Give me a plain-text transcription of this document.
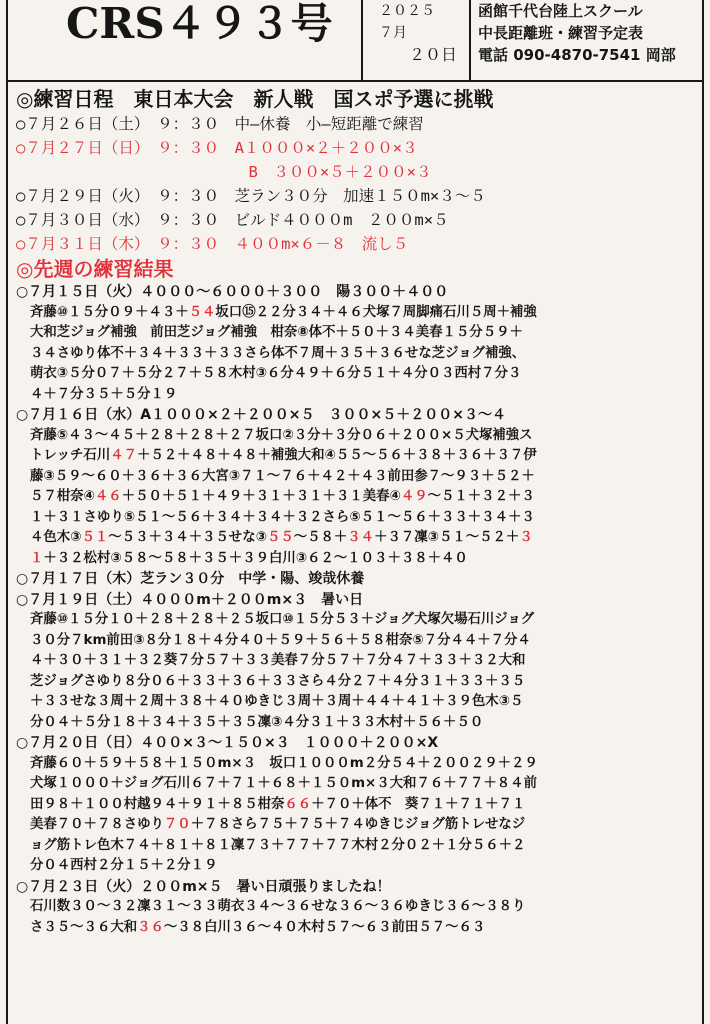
CRS４９３号	２０２５
７月
２０日
函館千代台陸上スクール
中長距離班・練習予定表
電話 090-4870-7541 岡部
◎練習日程　東日本大会　新人戦　国スポ予選に挑戦
○７月２６日（土）　９：３０　中—休養　小—短距離で練習
○７月２７日（日）　９：３０　A１０００×２＋２００×３
　　　　　　　　　　　　　　　B　３００×５＋２００×３
○７月２９日（火）　９：３０　芝ラン３０分　加速１５０m×３～５
○７月３０日（水）　９：３０　ビルド４０００m　２００m×５
○７月３１日（木）　９：３０　４００m×６－８　流し５
◎先週の練習結果
○７月１５日（火）４０００～６０００＋３００　陽３００＋４００
斉藤⑩１５分０９＋４３＋５４坂口⑮２２分３４＋４６犬塚７周脚痛石川５周＋補強
大和芝ジョグ補強　前田芝ジョグ補強　柑奈⑧体不＋５０＋３４美春１５分５９＋
３４さゆり体不＋３４＋３３＋３３さら体不７周＋３５＋３６せな芝ジョグ補強、
萌衣③５分０７＋５分２７＋５８木村③６分４９＋６分５１＋４分０３西村７分３
４＋７分３５＋５分１９
○７月１６日（水）A１０００×２＋２００×５　３００×５＋２００×３～４
斉藤⑤４３～４５＋２８＋２８＋２７坂口②３分＋３分０６＋２００×５犬塚補強ス
トレッチ石川４７＋５２＋４８＋４８＋補強大和④５５～５６＋３８＋３６＋３７伊
藤③５９～６０＋３６＋３６大宮③７１～７６＋４２＋４３前田参７～９３＋５２＋
５７柑奈④４６＋５０＋５１＋４９＋３１＋３１＋３１美春④４９～５１＋３２＋３
１＋３１さゆり⑤５１～５６＋３４＋３４＋３２さら⑤５１～５６＋３３＋３４＋３
４色木③５１～５３＋３４＋３５せな③５５～５８＋３４＋３７凜③５１～５２＋３
１＋３２松村③５８～５８＋３５＋３９白川③６２～１０３＋３８＋４０
○７月１７日（木）芝ラン３０分　中学・陽、竣哉休養
○７月１９日（土）４０００m＋２００m×３　暑い日
斉藤⑩１５分１０＋２８＋２８＋２５坂口⑩１５分５３＋ジョグ犬塚欠場石川ジョグ
３０分７km前田③８分１８＋４分４０＋５９＋５６＋５８柑奈⑤７分４４＋７分４
４＋３０＋３１＋３２葵７分５７＋３３美春７分５７＋７分４７＋３３＋３２大和
芝ジョグさゆり８分０６＋３３＋３６＋３３さら４分２７＋４分３１＋３３＋３５
＋３３せな３周＋２周＋３８＋４０ゆきじ３周＋３周＋４４＋４１＋３９色木③５
分０４＋５分１８＋３４＋３５＋３５凜③４分３１＋３３木村＋５６＋５０
○７月２０日（日）４００×３～１５０×３　１０００＋２００×X
斉藤６０＋５９＋５８＋１５０m×３　坂口１０００m２分５４＋２００２９＋２９
犬塚１０００＋ジョグ石川６７＋７１＋６８＋１５０m×３大和７６＋７７＋８４前
田９８＋１００村越９４＋９１＋８５柑奈６６＋７０＋体不　葵７１＋７１＋７１
美春７０＋７８さゆり７０＋７８さら７５＋７５＋７４ゆきじジョグ筋トレせなジ
ョグ筋トレ色木７４＋８１＋８１凜７３＋７７＋７７木村２分０２＋１分５６＋２
分０４西村２分１５＋２分１９
○７月２３日（火）２００m×５　暑い日頑張りましたね！
石川数３０～３２凜３１～３３萌衣３４～３６せな３６～３６ゆきじ３６～３８り
さ３５～３６大和３６～３８白川３６～４０木村５７～６３前田５７～６３
